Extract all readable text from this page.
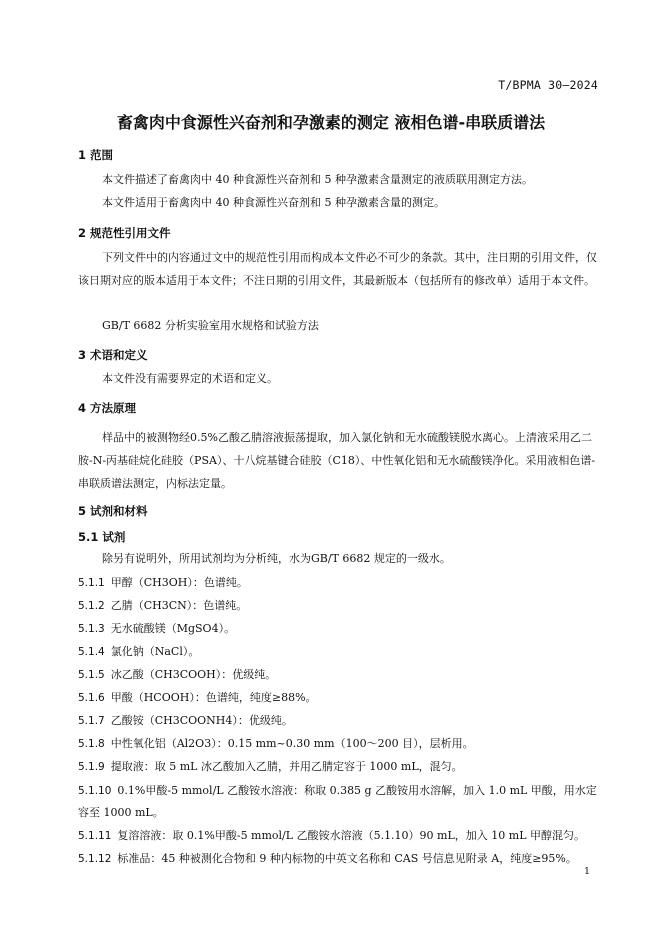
T/BPMA 30—2024
畜禽肉中食源性兴奋剂和孕激素的测定 液相色谱-串联质谱法
1 范围
本文件描述了畜禽肉中 40 种食源性兴奋剂和 5 种孕激素含量测定的液质联用测定方法。
本文件适用于畜禽肉中 40 种食源性兴奋剂和 5 种孕激素含量的测定。
2 规范性引用文件
下列文件中的内容通过文中的规范性引用而构成本文件必不可少的条款。其中，注日期的引用文件，仅该日期对应的版本适用于本文件；不注日期的引用文件，其最新版本（包括所有的修改单）适用于本文件。
GB/T 6682 分析实验室用水规格和试验方法
3 术语和定义
本文件没有需要界定的术语和定义。
4 方法原理
样品中的被测物经0.5%乙酸乙腈溶液振荡提取，加入氯化钠和无水硫酸镁脱水离心。上清液采用乙二胺-N-丙基硅烷化硅胶（PSA）、十八烷基键合硅胶（C18）、中性氧化铝和无水硫酸镁净化。采用液相色谱-串联质谱法测定，内标法定量。
5 试剂和材料
5.1 试剂
除另有说明外，所用试剂均为分析纯，水为GB/T 6682 规定的一级水。
5.1.1 甲醇（CH3OH）：色谱纯。
5.1.2 乙腈（CH3CN）：色谱纯。
5.1.3 无水硫酸镁（MgSO4）。
5.1.4 氯化钠（NaCl）。
5.1.5 冰乙酸（CH3COOH）：优级纯。
5.1.6 甲酸（HCOOH）：色谱纯，纯度≥88%。
5.1.7 乙酸铵（CH3COONH4）：优级纯。
5.1.8 中性氧化铝（Al2O3）：0.15 mm~0.30 mm（100～200 目），层析用。
5.1.9 提取液：取 5 mL 冰乙酸加入乙腈，并用乙腈定容于 1000 mL，混匀。
5.1.10 0.1%甲酸-5 mmol/L 乙酸铵水溶液：称取 0.385 g 乙酸铵用水溶解，加入 1.0 mL 甲酸，用水定容至 1000 mL。
5.1.11 复溶溶液：取 0.1%甲酸-5 mmol/L 乙酸铵水溶液（5.1.10）90 mL，加入 10 mL 甲醇混匀。
5.1.12 标准品：45 种被测化合物和 9 种内标物的中英文名称和 CAS 号信息见附录 A，纯度≥95%。
1
